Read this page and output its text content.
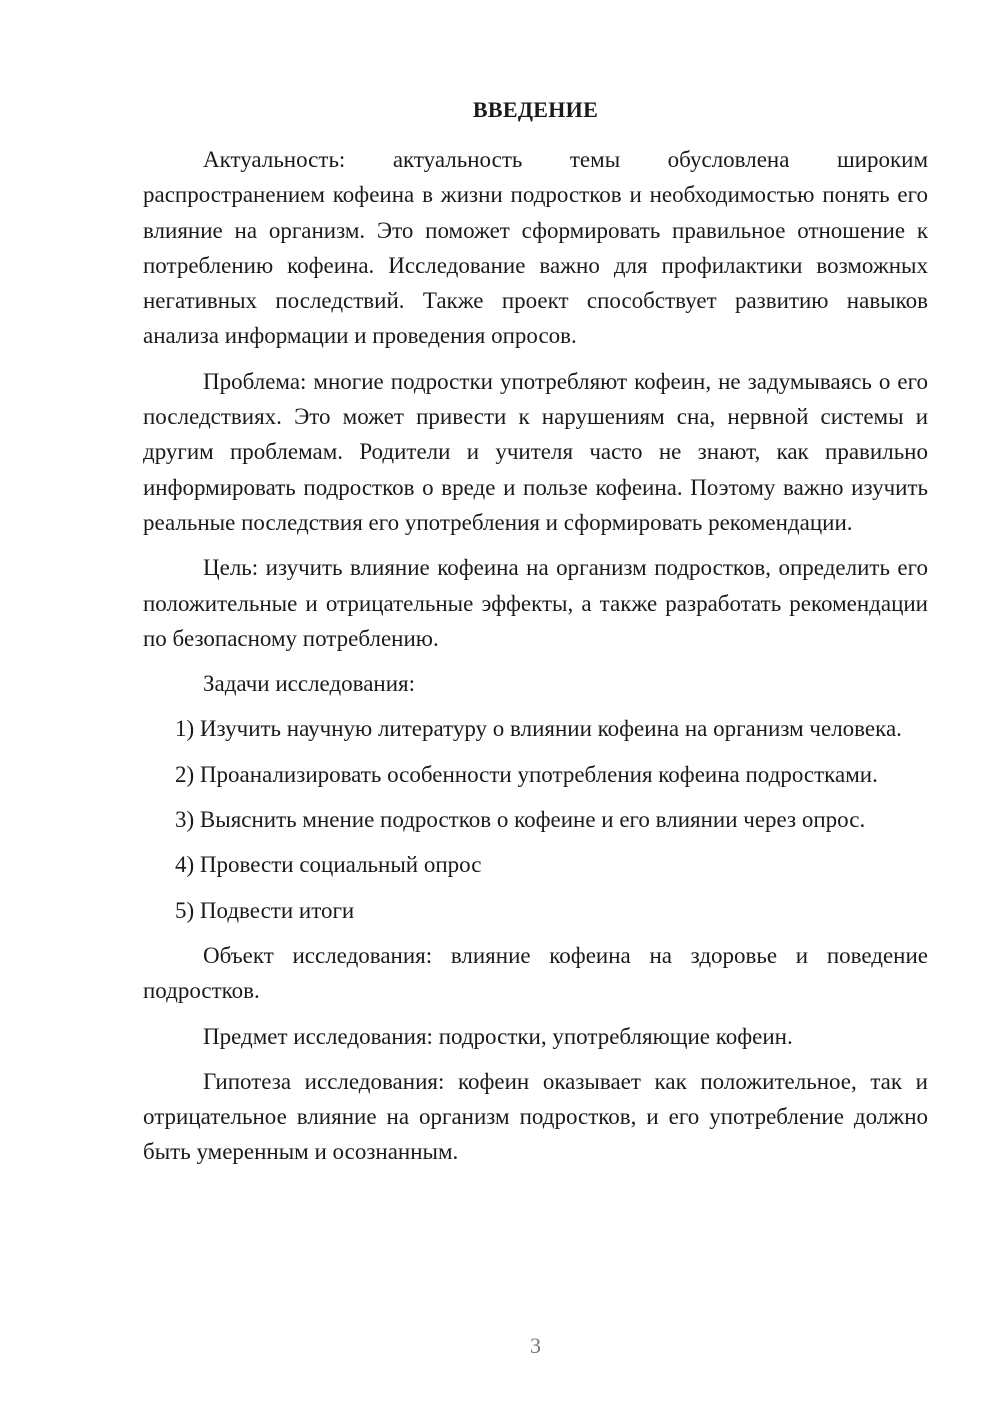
ВВЕДЕНИЕ

Актуальность: актуальность темы обусловлена широким распространением кофеина в жизни подростков и необходимостью понять его влияние на организм. Это поможет сформировать правильное отношение к потреблению кофеина. Исследование важно для профилактики возможных негативных последствий. Также проект способствует развитию навыков анализа информации и проведения опросов.

Проблема: многие подростки употребляют кофеин, не задумываясь о его последствиях. Это может привести к нарушениям сна, нервной системы и другим проблемам. Родители и учителя часто не знают, как правильно информировать подростков о вреде и пользе кофеина. Поэтому важно изучить реальные последствия его употребления и сформировать рекомендации.

Цель: изучить влияние кофеина на организм подростков, определить его положительные и отрицательные эффекты, а также разработать рекомендации по безопасному потреблению.

Задачи исследования:

1) Изучить научную литературу о влиянии кофеина на организм человека.

2) Проанализировать особенности употребления кофеина подростками.

3) Выяснить мнение подростков о кофеине и его влиянии через опрос.

4) Провести социальный опрос

5) Подвести итоги

Объект исследования: влияние кофеина на здоровье и поведение подростков.

Предмет исследования: подростки, употребляющие кофеин.

Гипотеза исследования: кофеин оказывает как положительное, так и отрицательное влияние на организм подростков, и его употребление должно быть умеренным и осознанным.

3
